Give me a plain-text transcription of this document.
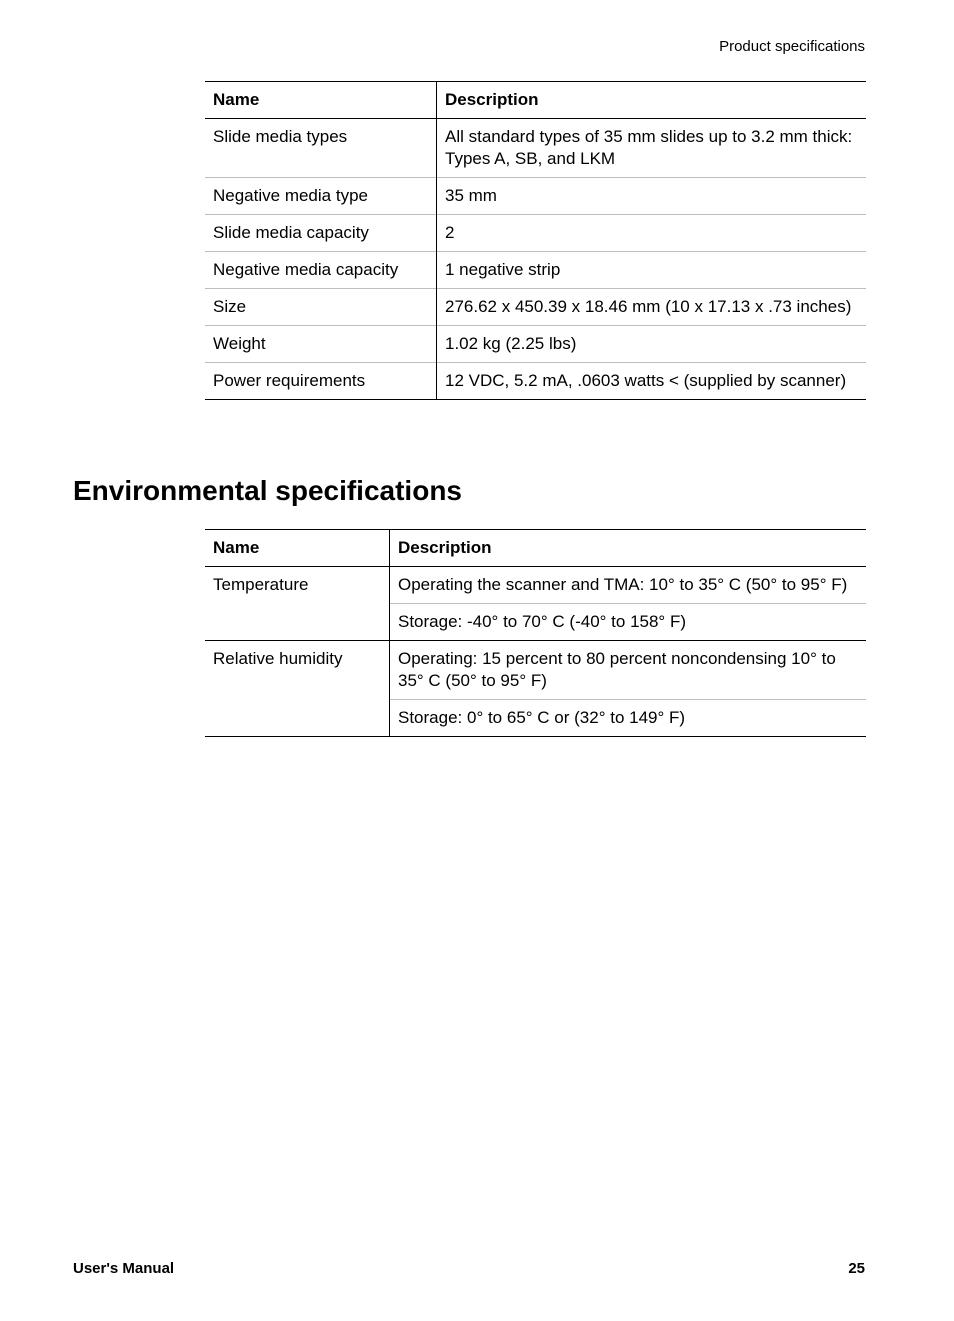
Product specifications
Name	Description
Slide media types	All standard types of 35 mm slides up to 3.2 mm thick: Types A, SB, and LKM
Negative media type	35 mm
Slide media capacity	2
Negative media capacity	1 negative strip
Size	276.62 x 450.39 x 18.46 mm (10 x 17.13 x .73 inches)
Weight	1.02 kg (2.25 lbs)
Power requirements	12 VDC, 5.2 mA, .0603 watts < (supplied by scanner)
Environmental specifications
Name	Description
Temperature	Operating the scanner and TMA: 10° to 35° C (50° to 95° F)
	Storage: -40° to 70° C (-40° to 158° F)
Relative humidity	Operating: 15 percent to 80 percent noncondensing 10° to 35° C (50° to 95° F)
	Storage: 0° to 65° C or (32° to 149° F)
User's Manual	25
